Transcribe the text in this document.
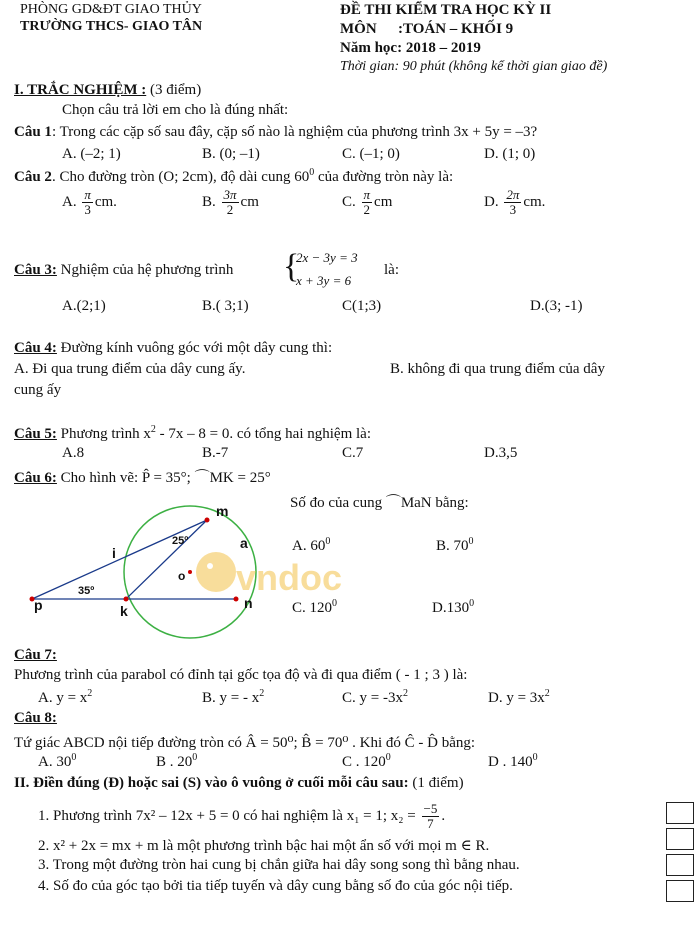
PHÒNG GD&ĐT GIAO THỦY
TRƯỜNG THCS- GIAO TÂN
ĐỀ THI KIỂM TRA HỌC KỲ II
MÔN :TOÁN – KHỐI 9
Năm học: 2018 – 2019
Thời gian: 90 phút (không kể thời gian giao đề)
I. TRẮC NGHIỆM : (3 điểm)
Chọn câu trả lời em cho là đúng nhất:
Câu 1: Trong các cặp số sau đây, cặp số nào là nghiệm của phương trình 3x + 5y = –3?
A. (–2; 1)	B. (0; –1)	C. (–1; 0)	D. (1; 0)
Câu 2. Cho đường tròn (O; 2cm), độ dài cung $60^0$ của đường tròn này là:
A. $\frac{\pi}{3}$ cm.	B. $\frac{3\pi}{2}$ cm	C. $\frac{\pi}{2}$ cm	D. $\frac{2\pi}{3}$ cm.
Câu 3: Nghiệm của hệ phương trình {
2x − 3y = 3
x + 3y = 6
là:
A.(2;1)	B.( 3;1)	C(1;3)	D.(3; -1)
Câu 4: Đường kính vuông góc với một dây cung thì:
A. Đi qua trung điểm của dây cung ấy.	B. không đi qua trung điểm của dây
cung ấy
Câu 5: Phương trình $x^2 - 7x - 8 = 0$. có tổng hai nghiệm là:
A.8	B.-7	C.7	D.3,5
Câu 6: Cho hình vẽ: P̂ = 35°; ⌒MK = 25°
Số đo của cung ⌒MaN bằng:
m
a
i
o
p	k	n
25º
35º	vndoc
A. $60^0$	B. $70^0$
C. $120^0$	D.130$^0$
Câu 7:
Phương trình của parabol có đỉnh tại gốc tọa độ và đi qua điểm ( - 1 ; 3 ) là:
A. $y = x^2$	B. y = - $x^2$	C. $y = -3x^2$	D. $y = 3x^2$
Câu 8:
Tứ giác ABCD nội tiếp đường tròn có Â = 50⁰; B̂ = 70⁰ . Khi đó Ĉ - D̂ bằng:
A. $30^0$	B . $20^0$	C . $120^0$	D . $140^0$
II. Điền đúng (Đ) hoặc sai (S) vào ô vuông ở cuối mỗi câu sau: (1 điểm)
1. Phương trình 7x² – 12x + 5 = 0 có hai nghiệm là x₁ = 1; $x_2 = \frac{-5}{7}$ .
2. x² + 2x = mx + m là một phương trình bậc hai một ẩn số với mọi m ∈ R.
3. Trong một đường tròn hai cung bị chắn giữa hai dây song song thì bằng nhau.
4. Số đo của góc tạo bởi tia tiếp tuyến và dây cung bằng số đo của góc nội tiếp.
